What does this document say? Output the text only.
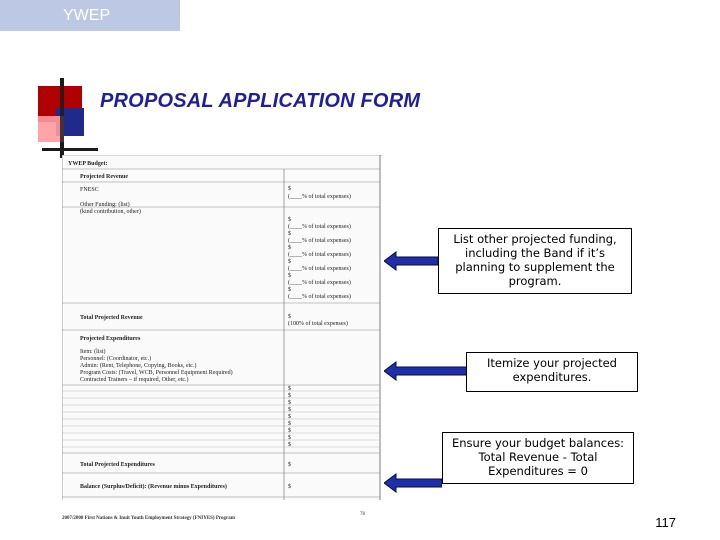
YWEP
PROPOSAL APPLICATION FORM
YWEP Budget:
Projected Revenue
FNESC
Other Funding: (list)
(kind contribution, other)
Total Projected Revenue
Projected Expenditures
Item: (list)
Personnel: (Coordinator, etc.)
Admin: (Rent, Telephone, Copying, Books, etc.)
Program Costs: (Travel, WCB, Personnel Equipment Required)
Contracted Trainers – if required, Other, etc.)
Total Projected Expenditures
Balance (Surplus/Deficit): (Revenue minus Expenditures)
$
(____% of total expenses)
$
(____% of total expenses)
$
(____% of total expenses)
$
(____% of total expenses)
$
(____% of total expenses)
$
(____% of total expenses)
$
(____% of total expenses)
$
(100% of total expenses)
$
$
$
$
$
$
$
$
$
$
$
2007/2008 First Nations & Inuit Youth Employment Strategy (FNIYES) Program
78
List other projected funding, including the Band if it’s planning to supplement the program.
Itemize your projected expenditures.
Ensure your budget balances: Total Revenue - Total Expenditures = 0
117
